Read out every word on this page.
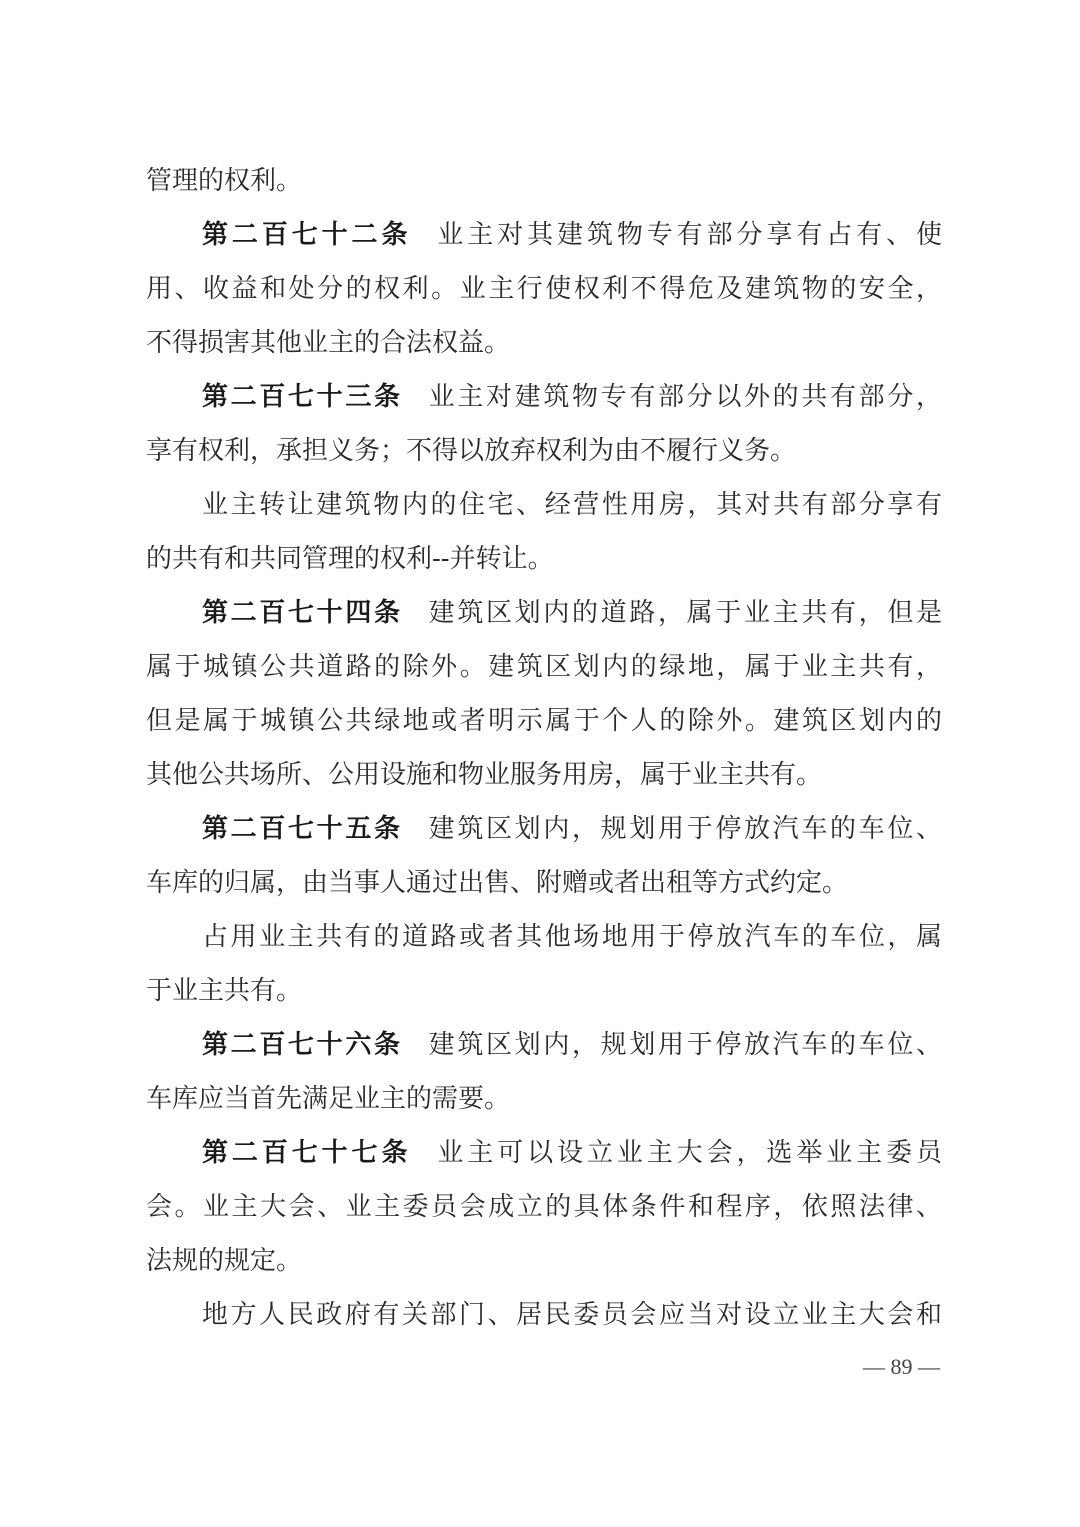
管理的权利。
第二百七十二条 业主对其建筑物专有部分享有占有、使
用、收益和处分的权利。业主行使权利不得危及建筑物的安全，
不得损害其他业主的合法权益。
第二百七十三条 业主对建筑物专有部分以外的共有部分，
享有权利，承担义务；不得以放弃权利为由不履行义务。
业主转让建筑物内的住宅、经营性用房，其对共有部分享有
的共有和共同管理的权利--并转让。
第二百七十四条 建筑区划内的道路，属于业主共有，但是
属于城镇公共道路的除外。建筑区划内的绿地，属于业主共有，
但是属于城镇公共绿地或者明示属于个人的除外。建筑区划内的
其他公共场所、公用设施和物业服务用房，属于业主共有。
第二百七十五条 建筑区划内，规划用于停放汽车的车位、
车库的归属，由当事人通过出售、附赠或者出租等方式约定。
占用业主共有的道路或者其他场地用于停放汽车的车位，属
于业主共有。
第二百七十六条 建筑区划内，规划用于停放汽车的车位、
车库应当首先满足业主的需要。
第二百七十七条 业主可以设立业主大会，选举业主委员
会。业主大会、业主委员会成立的具体条件和程序，依照法律、
法规的规定。
地方人民政府有关部门、居民委员会应当对设立业主大会和
— 89 —
